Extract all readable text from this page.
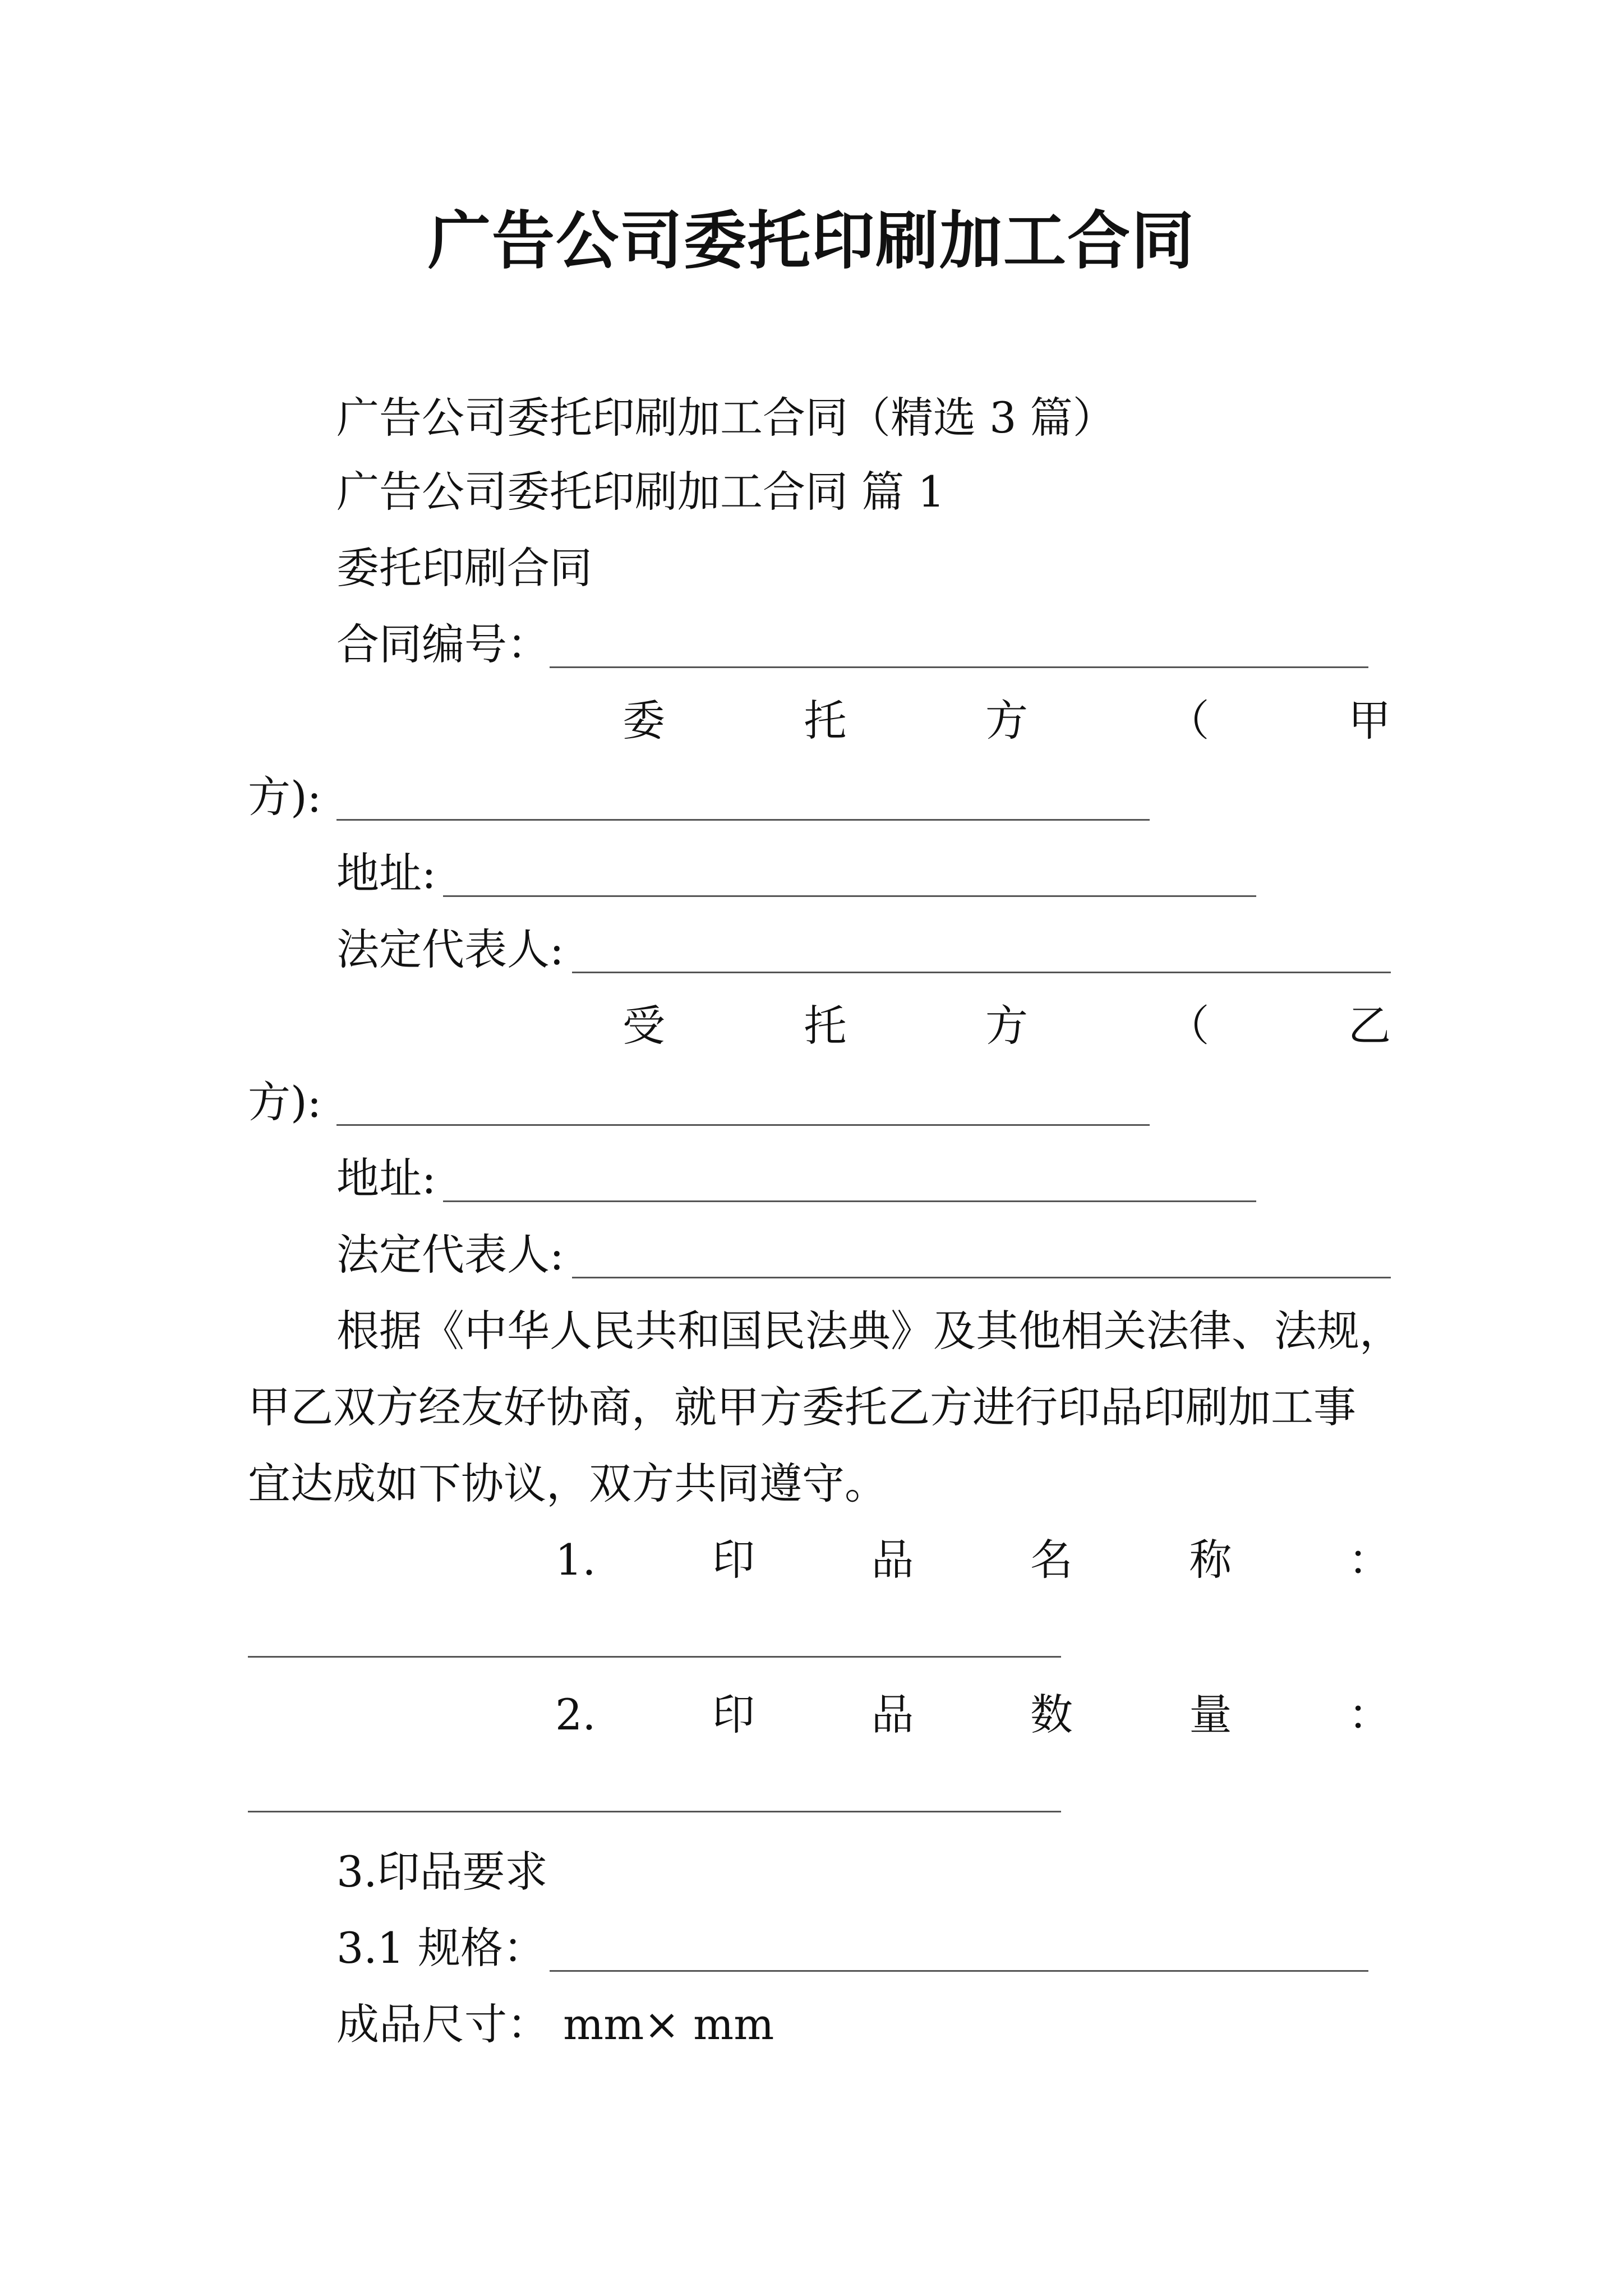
广告公司委托印刷加工合同
广告公司委托印刷加工合同（精选 3 篇）
广告公司委托印刷加工合同 篇 1
委托印刷合同
合同编号：
委	托	方	（	甲
方):
地址:
法定代表人:
受	托	方	（	乙
方):
地址:
法定代表人:
根据《中华人民共和国民法典》及其他相关法律、法规，
甲乙双方经友好协商，就甲方委托乙方进行印品印刷加工事
宜达成如下协议，双方共同遵守。
1.	印	品	名	称	：
2.	印	品	数	量	：
3.印品要求
3.1 规格：
成品尺寸： mm× mm
